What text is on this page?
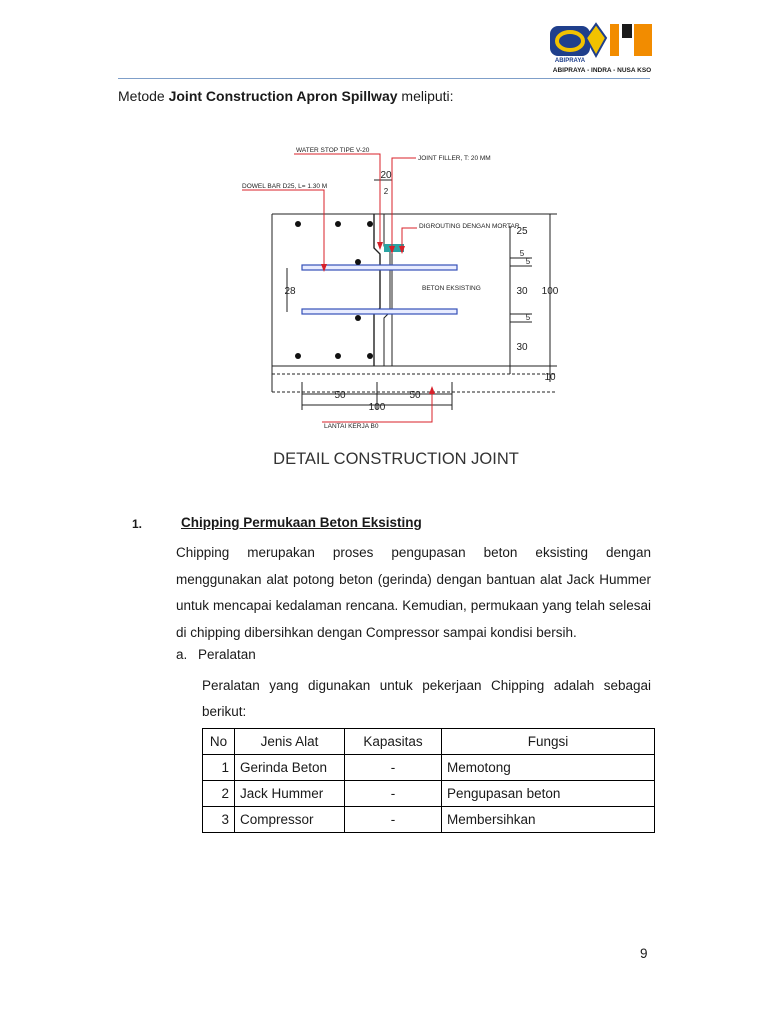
ABIPRAYA
ABIPRAYA - INDRA - NUSA KSO
Metode Joint Construction Apron Spillway meliputi:
WATER STOP TIPE V-20
JOINT FILLER, T: 20 MM
DOWEL BAR D25, L= 1.30 M
DIGROUTING DENGAN MORTAR
BETON EKSISTING
LANTAI KERJA B0
20
2
25
5
5
30
5
30
100
10
28
50	50
100
DETAIL CONSTRUCTION JOINT
1.	Chipping Permukaan Beton Eksisting
Chipping merupakan proses pengupasan beton eksisting dengan menggunakan alat potong beton (gerinda) dengan bantuan alat Jack Hummer untuk mencapai kedalaman rencana. Kemudian, permukaan yang telah selesai di chipping dibersihkan dengan Compressor sampai kondisi bersih.
a. Peralatan
Peralatan yang digunakan untuk pekerjaan Chipping adalah sebagai berikut:
No	Jenis Alat	Kapasitas	Fungsi
1	Gerinda Beton	-	Memotong
2	Jack Hummer	-	Pengupasan beton
3	Compressor	-	Membersihkan
9
